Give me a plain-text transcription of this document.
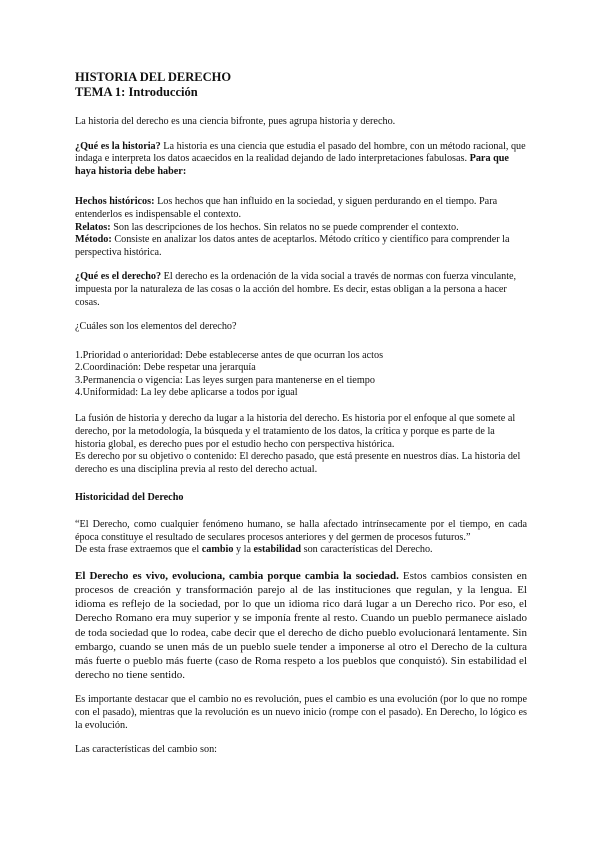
HISTORIA DEL DERECHO

TEMA 1: Introducción

La historia del derecho es una ciencia bifronte, pues agrupa historia y derecho.

¿Qué es la historia? La historia es una ciencia que estudia el pasado del hombre, con un método racional, que indaga e interpreta los datos acaecidos en la realidad dejando de lado interpretaciones fabulosas. Para que haya historia debe haber:

Hechos históricos: Los hechos que han influido en la sociedad, y siguen perdurando en el tiempo. Para entenderlos es indispensable el contexto.

Relatos: Son las descripciones de los hechos. Sin relatos no se puede comprender el contexto.

Método: Consiste en analizar los datos antes de aceptarlos. Método crítico y científico para comprender la perspectiva histórica.

¿Qué es el derecho? El derecho es la ordenación de la vida social a través de normas con fuerza vinculante, impuesta por la naturaleza de las cosas o la acción del hombre. Es decir, estas obligan a la persona a hacer cosas.

¿Cuáles son los elementos del derecho?

1.Prioridad o anterioridad: Debe establecerse antes de que ocurran los actos

2.Coordinación: Debe respetar una jerarquía

3.Permanencia o vigencia: Las leyes surgen para mantenerse en el tiempo

4.Uniformidad: La ley debe aplicarse a todos por igual

La fusión de historia y derecho da lugar a la historia del derecho. Es historia por el enfoque al que somete al derecho, por la metodología, la búsqueda y el tratamiento de los datos, la crítica y porque es parte de la historia global, es derecho pues por el estudio hecho con perspectiva histórica.

Es derecho por su objetivo o contenido: El derecho pasado, que está presente en nuestros días. La historia del derecho es una disciplina previa al resto del derecho actual.

Historicidad del Derecho

“El Derecho, como cualquier fenómeno humano, se halla afectado intrínsecamente por el tiempo, en cada época constituye el resultado de seculares procesos anteriores y del germen de procesos futuros.”

De esta frase extraemos que el cambio y la estabilidad son características del Derecho.

El Derecho es vivo, evoluciona, cambia porque cambia la sociedad. Estos cambios consisten en procesos de creación y transformación parejo al de las instituciones que regulan, y la lengua. El idioma es reflejo de la sociedad, por lo que un idioma rico dará lugar a un Derecho rico. Por eso, el Derecho Romano era muy superior y se imponía frente al resto. Cuando un pueblo permanece aislado de toda sociedad que lo rodea, cabe decir que el derecho de dicho pueblo evolucionará lentamente. Sin embargo, cuando se unen más de un pueblo suele tender a imponerse al otro el Derecho de la cultura más fuerte o pueblo más fuerte (caso de Roma respeto a los pueblos que conquistó). Sin estabilidad el derecho no tiene sentido.

Es importante destacar que el cambio no es revolución, pues el cambio es una evolución (por lo que no rompe con el pasado), mientras que la revolución es un nuevo inicio (rompe con el pasado). En Derecho, lo lógico es la evolución.

Las características del cambio son:
